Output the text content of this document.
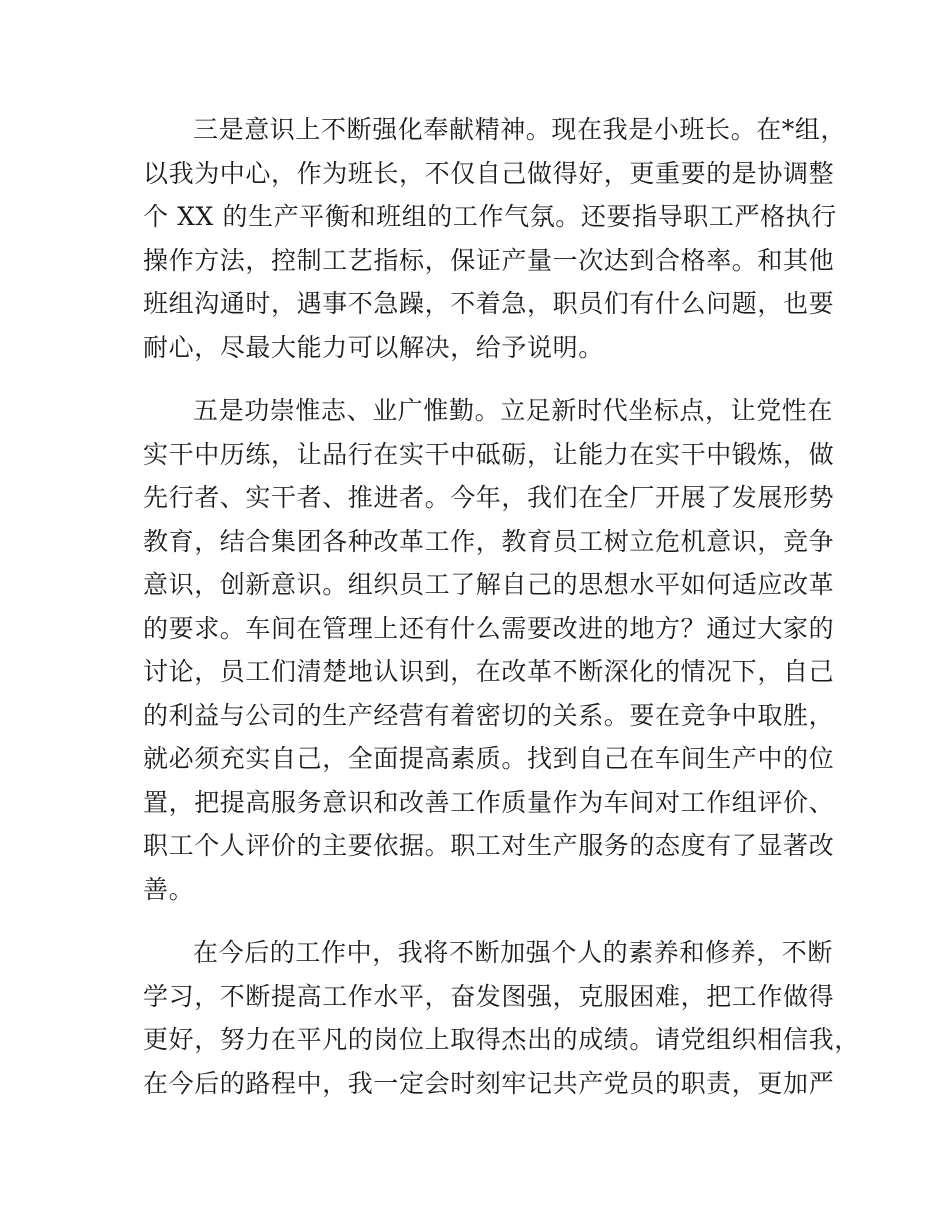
三是意识上不断强化奉献精神。现在我是小班长。在*组，
以我为中心，作为班长，不仅自己做得好，更重要的是协调整
个 XX 的生产平衡和班组的工作气氛。还要指导职工严格执行
操作方法，控制工艺指标，保证产量一次达到合格率。和其他
班组沟通时，遇事不急躁，不着急，职员们有什么问题，也要
耐心，尽最大能力可以解决，给予说明。
五是功崇惟志、业广惟勤。立足新时代坐标点，让党性在
实干中历练，让品行在实干中砥砺，让能力在实干中锻炼，做
先行者、实干者、推进者。今年，我们在全厂开展了发展形势
教育，结合集团各种改革工作，教育员工树立危机意识，竞争
意识，创新意识。组织员工了解自己的思想水平如何适应改革
的要求。车间在管理上还有什么需要改进的地方？通过大家的
讨论，员工们清楚地认识到，在改革不断深化的情况下，自己
的利益与公司的生产经营有着密切的关系。要在竞争中取胜，
就必须充实自己，全面提高素质。找到自己在车间生产中的位
置，把提高服务意识和改善工作质量作为车间对工作组评价、
职工个人评价的主要依据。职工对生产服务的态度有了显著改
善。
在今后的工作中，我将不断加强个人的素养和修养，不断
学习，不断提高工作水平，奋发图强，克服困难，把工作做得
更好，努力在平凡的岗位上取得杰出的成绩。请党组织相信我，
在今后的路程中，我一定会时刻牢记共产党员的职责，更加严
